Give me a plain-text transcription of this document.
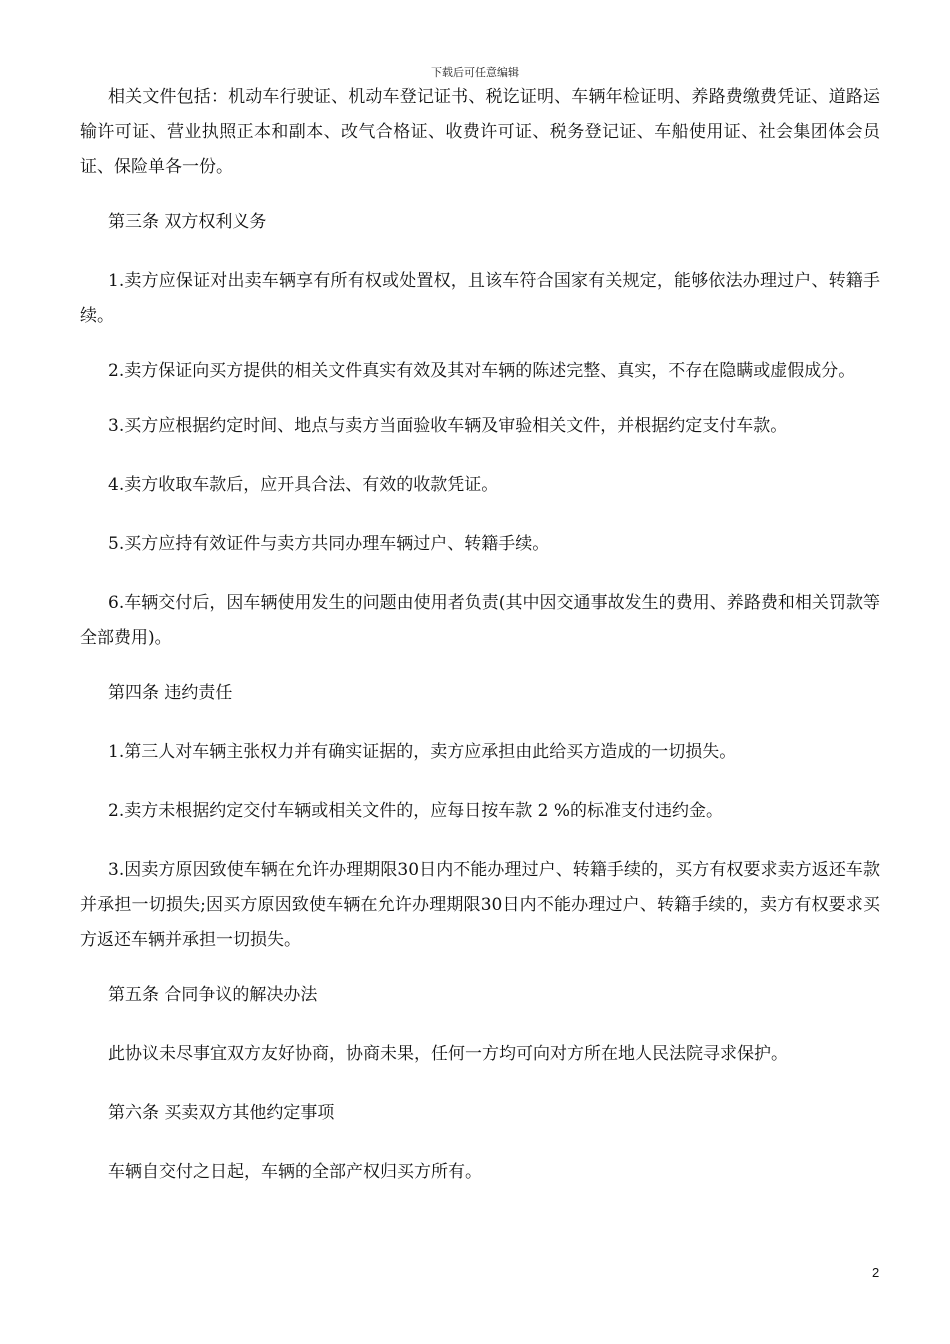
下载后可任意编辑

相关文件包括：机动车行驶证、机动车登记证书、税讫证明、车辆年检证明、养路费缴费凭证、道路运输许可证、营业执照正本和副本、改气合格证、收费许可证、税务登记证、车船使用证、社会集团体会员证、保险单各一份。

第三条 双方权利义务

1.卖方应保证对出卖车辆享有所有权或处置权，且该车符合国家有关规定，能够依法办理过户、转籍手续。

2.卖方保证向买方提供的相关文件真实有效及其对车辆的陈述完整、真实，不存在隐瞒或虚假成分。

3.买方应根据约定时间、地点与卖方当面验收车辆及审验相关文件，并根据约定支付车款。

4.卖方收取车款后，应开具合法、有效的收款凭证。

5.买方应持有效证件与卖方共同办理车辆过户、转籍手续。

6.车辆交付后，因车辆使用发生的问题由使用者负责(其中因交通事故发生的费用、养路费和相关罚款等全部费用)。

第四条 违约责任

1.第三人对车辆主张权力并有确实证据的，卖方应承担由此给买方造成的一切损失。

2.卖方未根据约定交付车辆或相关文件的，应每日按车款 2 %的标准支付违约金。

3.因卖方原因致使车辆在允许办理期限30日内不能办理过户、转籍手续的，买方有权要求卖方返还车款并承担一切损失;因买方原因致使车辆在允许办理期限30日内不能办理过户、转籍手续的，卖方有权要求买方返还车辆并承担一切损失。

第五条 合同争议的解决办法

此协议未尽事宜双方友好协商，协商未果，任何一方均可向对方所在地人民法院寻求保护。

第六条 买卖双方其他约定事项

车辆自交付之日起，车辆的全部产权归买方所有。

2
